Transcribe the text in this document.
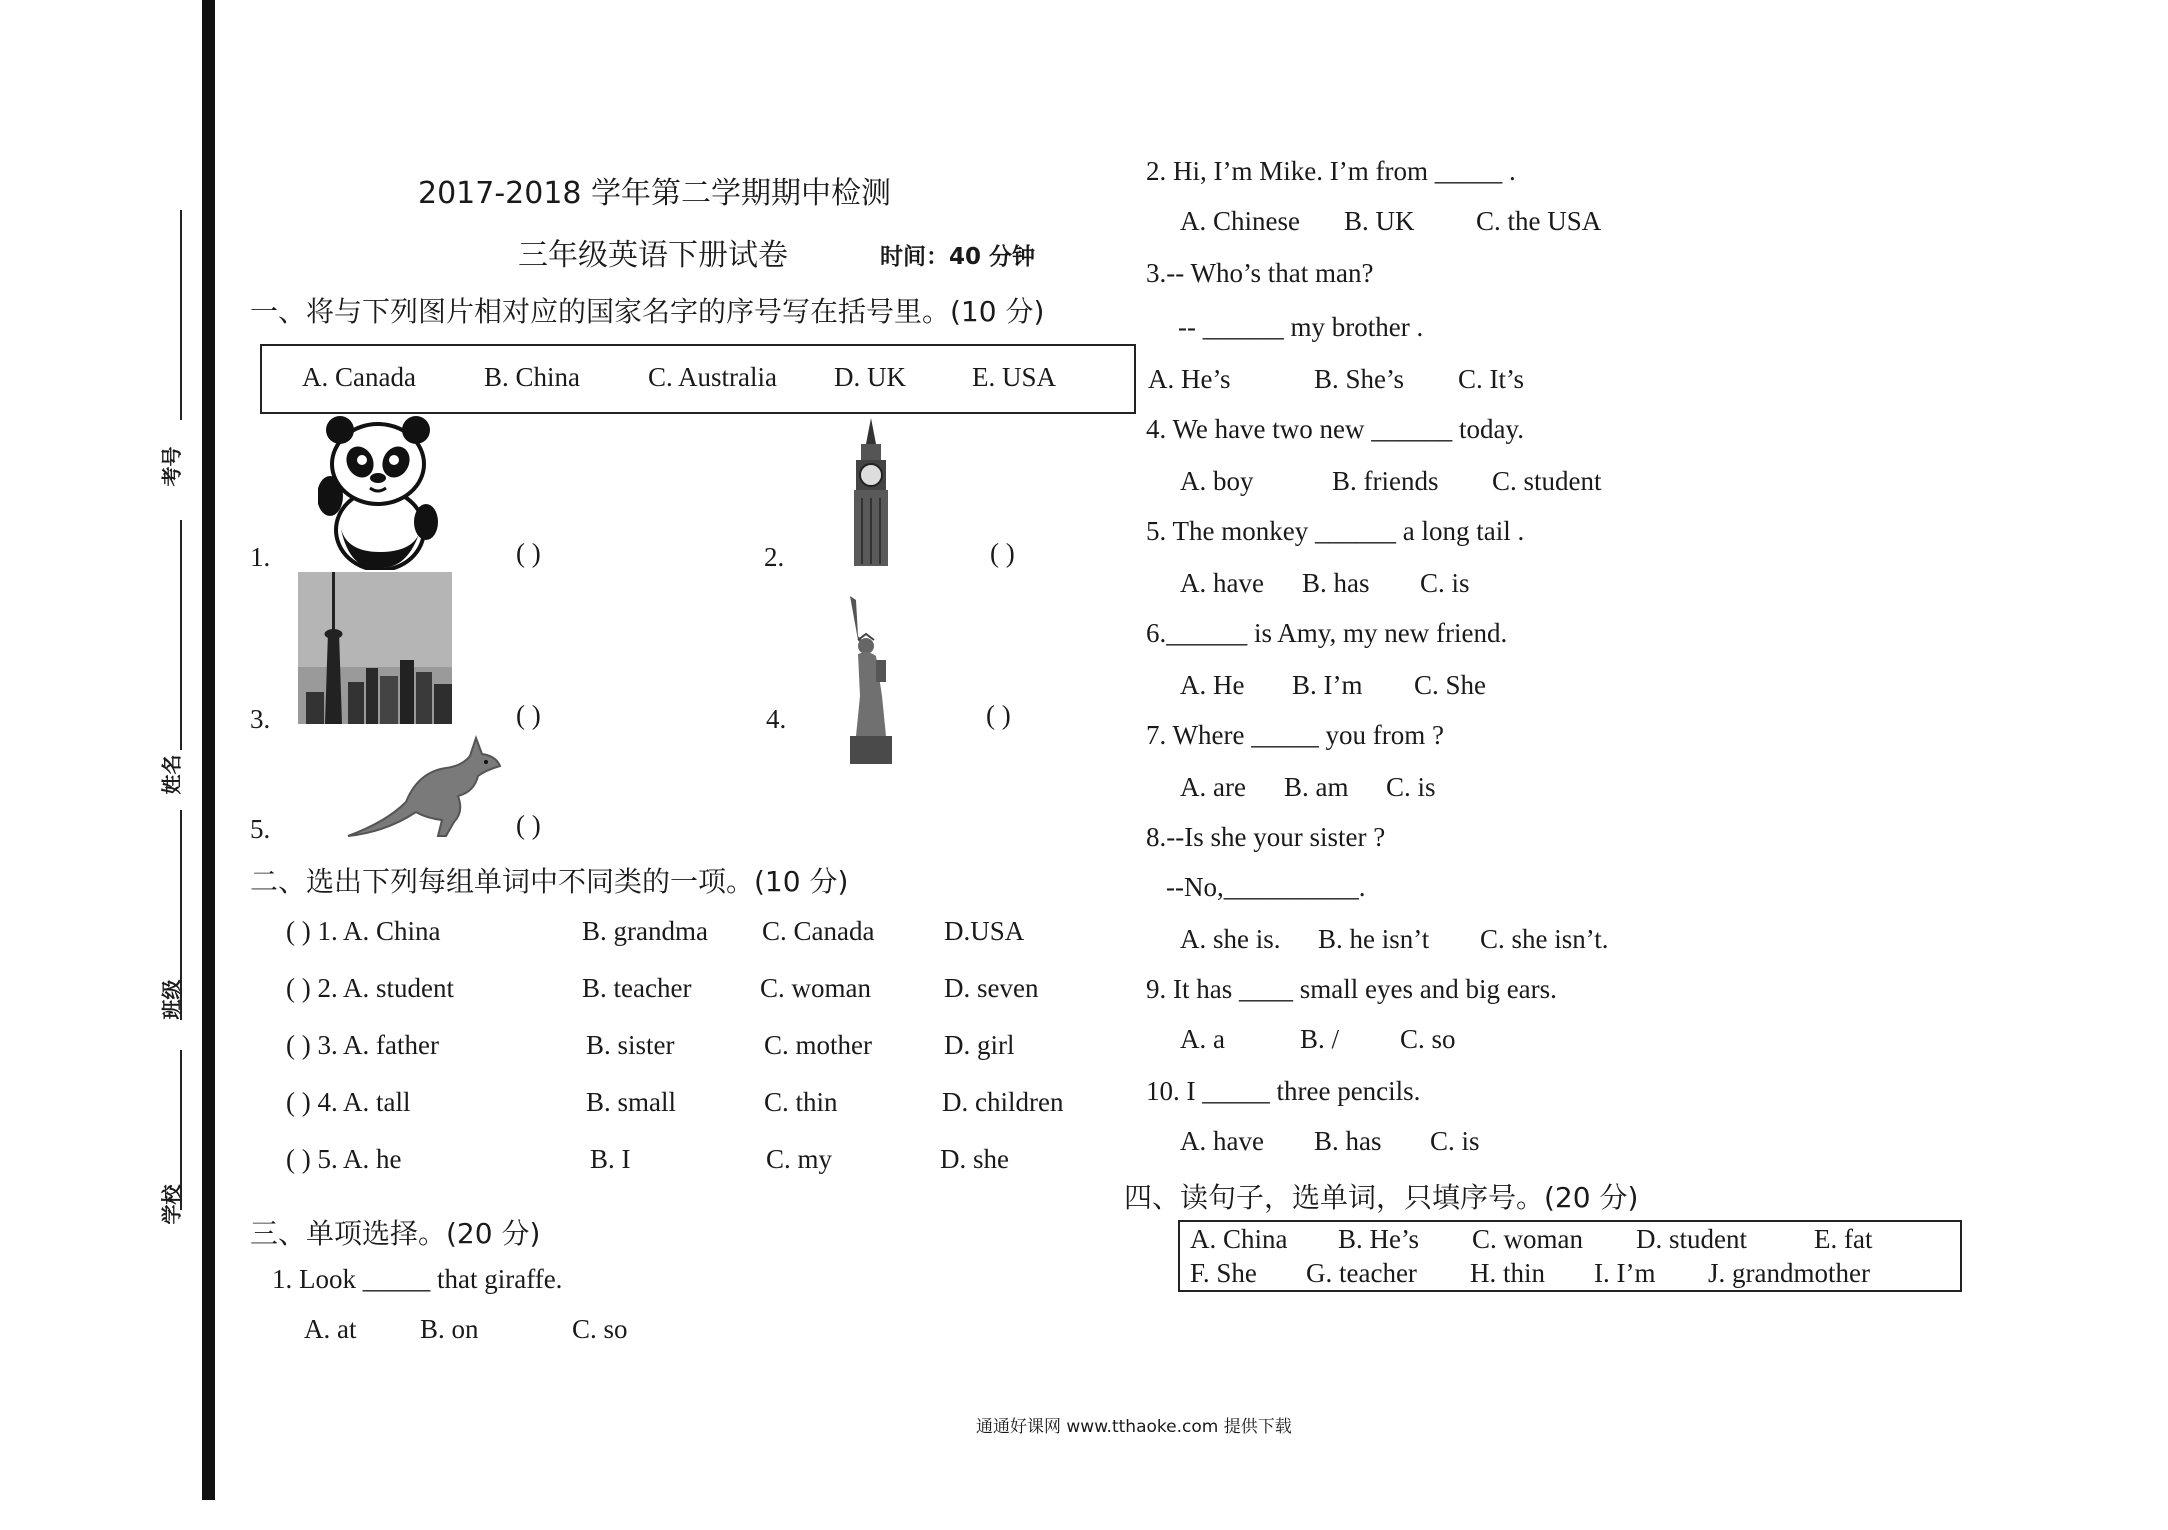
考号
姓名
班级
学校
2017-2018 学年第二学期期中检测
三年级英语下册试卷	时间：40 分钟
一、将与下列图片相对应的国家名字的序号写在括号里。(10 分)
A. Canada	B. China	C. Australia D. UK E. USA
1.	( )	2.	( )
3.	( )	4.	( )
5.	( )
二、选出下列每组单词中不同类的一项。(10 分)
( ) 1. A. China	B. grandma C. Canada	D.USA
( ) 2. A. student	B. teacher	C. woman	D. seven
( ) 3. A. father	B. sister	C. mother	D. girl
( ) 4. A. tall	B. small	C. thin	D. children
( ) 5. A. he	B. I	C. my	D. she
三、单项选择。(20 分)
1. Look _____ that giraffe.
A. at B. on	C. so
2. Hi, I’m Mike. I’m from _____ .
A. Chinese B. UK C. the USA
3.-- Who’s that man?
-- ______ my brother .
A. He’s	B. She’s C. It’s
4. We have two new ______ today.
A. boy	B. friends C. student
5. The monkey ______ a long tail .
A. have B. has C. is
6.______ is Amy, my new friend.
A. He B. I’m C. She
7. Where _____ you from ?
A. are B. am C. is
8.--Is she your sister ?
--No,__________.
A. she is. B. he isn’t C. she isn’t.
9. It has ____ small eyes and big ears.
A. a	B. / C. so
10. I _____ three pencils.
A. have B. has C. is
四、读句子，选单词，只填序号。(20 分)
A. China B. He’s C. woman D. student E. fat
F. She G. teacher H. thin I. I’m J. grandmother
通通好课网 www.tthaoke.com 提供下载
